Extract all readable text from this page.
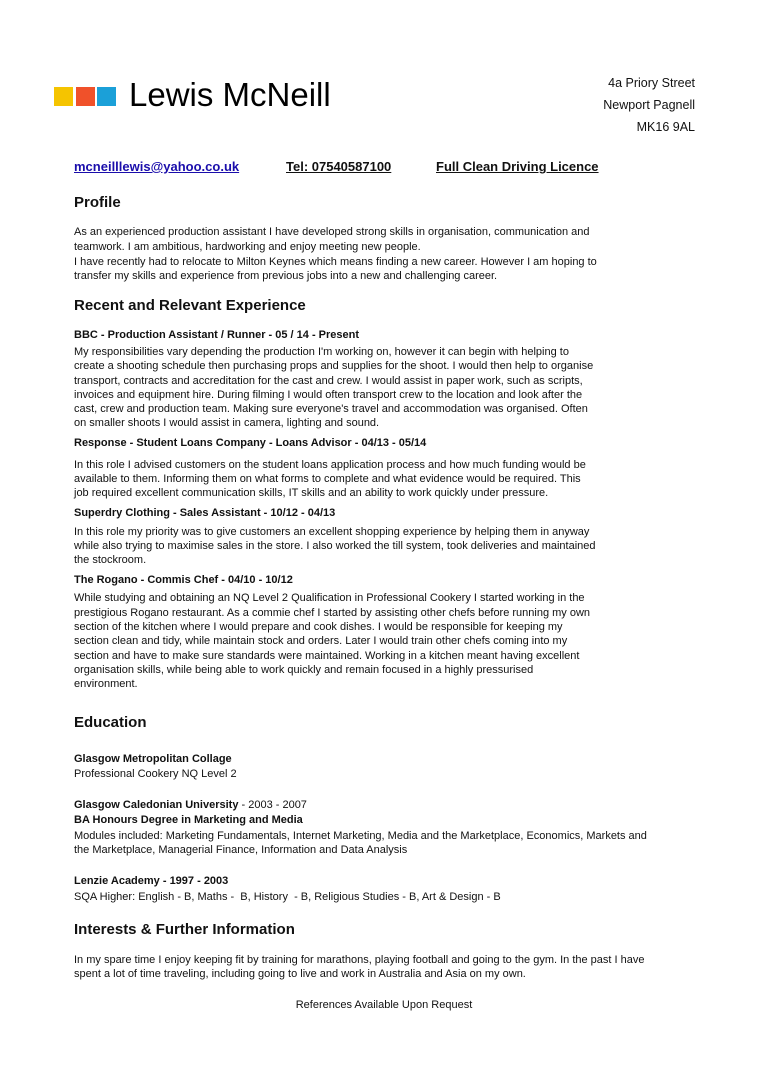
Lewis McNeill	4a Priory Street
Newport Pagnell
MK16 9AL
mcneilllewis@yahoo.co.uk	Tel: 07540587100	Full Clean Driving Licence
Profile
As an experienced production assistant I have developed strong skills in organisation, communication and
teamwork. I am ambitious, hardworking and enjoy meeting new people.
I have recently had to relocate to Milton Keynes which means finding a new career. However I am hoping to
transfer my skills and experience from previous jobs into a new and challenging career.
Recent and Relevant Experience
BBC - Production Assistant / Runner - 05 / 14 - Present
My responsibilities vary depending the production I'm working on, however it can begin with helping to
create a shooting schedule then purchasing props and supplies for the shoot. I would then help to organise
transport, contracts and accreditation for the cast and crew. I would assist in paper work, such as scripts,
invoices and equipment hire. During filming I would often transport crew to the location and look after the
cast, crew and production team. Making sure everyone's travel and accommodation was organised. Often
on smaller shoots I would assist in camera, lighting and sound.
Response - Student Loans Company - Loans Advisor - 04/13 - 05/14
In this role I advised customers on the student loans application process and how much funding would be
available to them. Informing them on what forms to complete and what evidence would be required. This
job required excellent communication skills, IT skills and an ability to work quickly under pressure.
Superdry Clothing - Sales Assistant - 10/12 - 04/13
In this role my priority was to give customers an excellent shopping experience by helping them in anyway
while also trying to maximise sales in the store. I also worked the till system, took deliveries and maintained
the stockroom.
The Rogano - Commis Chef - 04/10 - 10/12
While studying and obtaining an NQ Level 2 Qualification in Professional Cookery I started working in the
prestigious Rogano restaurant. As a commie chef I started by assisting other chefs before running my own
section of the kitchen where I would prepare and cook dishes. I would be responsible for keeping my
section clean and tidy, while maintain stock and orders. Later I would train other chefs coming into my
section and have to make sure standards were maintained. Working in a kitchen meant having excellent
organisation skills, while being able to work quickly and remain focused in a highly pressurised
environment.
Education
Glasgow Metropolitan Collage
Professional Cookery NQ Level 2
Glasgow Caledonian University - 2003 - 2007
BA Honours Degree in Marketing and Media
Modules included: Marketing Fundamentals, Internet Marketing, Media and the Marketplace, Economics, Markets and
the Marketplace, Managerial Finance, Information and Data Analysis
Lenzie Academy - 1997 - 2003
SQA Higher: English - B, Maths -  B, History  - B, Religious Studies - B, Art & Design - B
Interests & Further Information
In my spare time I enjoy keeping fit by training for marathons, playing football and going to the gym. In the past I have
spent a lot of time traveling, including going to live and work in Australia and Asia on my own.
References Available Upon Request
